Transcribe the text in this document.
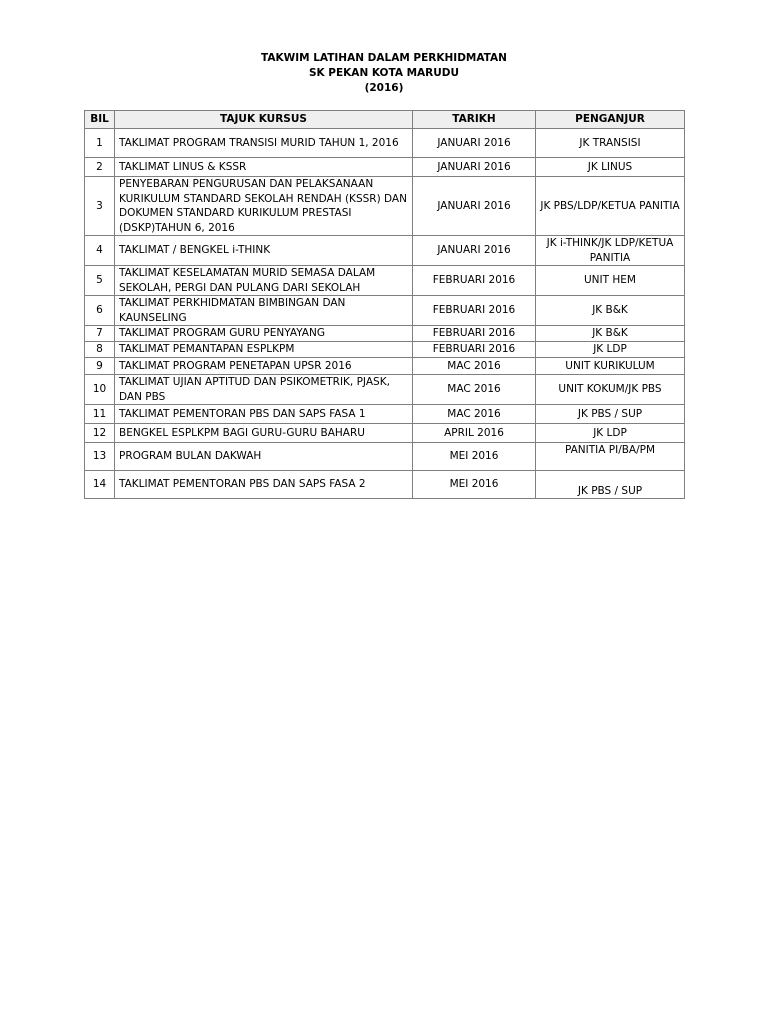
TAKWIM LATIHAN DALAM PERKHIDMATAN
SK PEKAN KOTA MARUDU
(2016)
BIL	TAJUK KURSUS	TARIKH	PENGANJUR
1	TAKLIMAT PROGRAM TRANSISI MURID TAHUN 1, 2016	JANUARI 2016	JK TRANSISI
2	TAKLIMAT LINUS & KSSR	JANUARI 2016	JK LINUS
3	PENYEBARAN PENGURUSAN DAN PELAKSANAAN KURIKULUM STANDARD SEKOLAH RENDAH (KSSR) DAN DOKUMEN STANDARD KURIKULUM PRESTASI (DSKP)TAHUN 6, 2016	JANUARI 2016	JK PBS/LDP/KETUA PANITIA
4	TAKLIMAT / BENGKEL i-THINK	JANUARI 2016	JK i-THINK/JK LDP/KETUA PANITIA
5	TAKLIMAT KESELAMATAN MURID SEMASA DALAM SEKOLAH, PERGI DAN PULANG DARI SEKOLAH	FEBRUARI 2016	UNIT HEM
6	TAKLIMAT PERKHIDMATAN BIMBINGAN DAN KAUNSELING	FEBRUARI 2016	JK B&K
7	TAKLIMAT PROGRAM GURU PENYAYANG	FEBRUARI 2016	JK B&K
8	TAKLIMAT PEMANTAPAN ESPLKPM	FEBRUARI 2016	JK LDP
9	TAKLIMAT PROGRAM PENETAPAN UPSR 2016	MAC 2016	UNIT KURIKULUM
10	TAKLIMAT UJIAN APTITUD DAN PSIKOMETRIK, PJASK, DAN PBS	MAC 2016	UNIT KOKUM/JK PBS
11	TAKLIMAT PEMENTORAN PBS DAN SAPS FASA 1	MAC 2016	JK PBS / SUP
12	BENGKEL ESPLKPM BAGI GURU-GURU BAHARU	APRIL 2016	JK LDP
13	PROGRAM BULAN DAKWAH	MEI 2016	PANITIA PI/BA/PM
14	TAKLIMAT PEMENTORAN PBS DAN SAPS FASA 2	MEI 2016	JK PBS / SUP
